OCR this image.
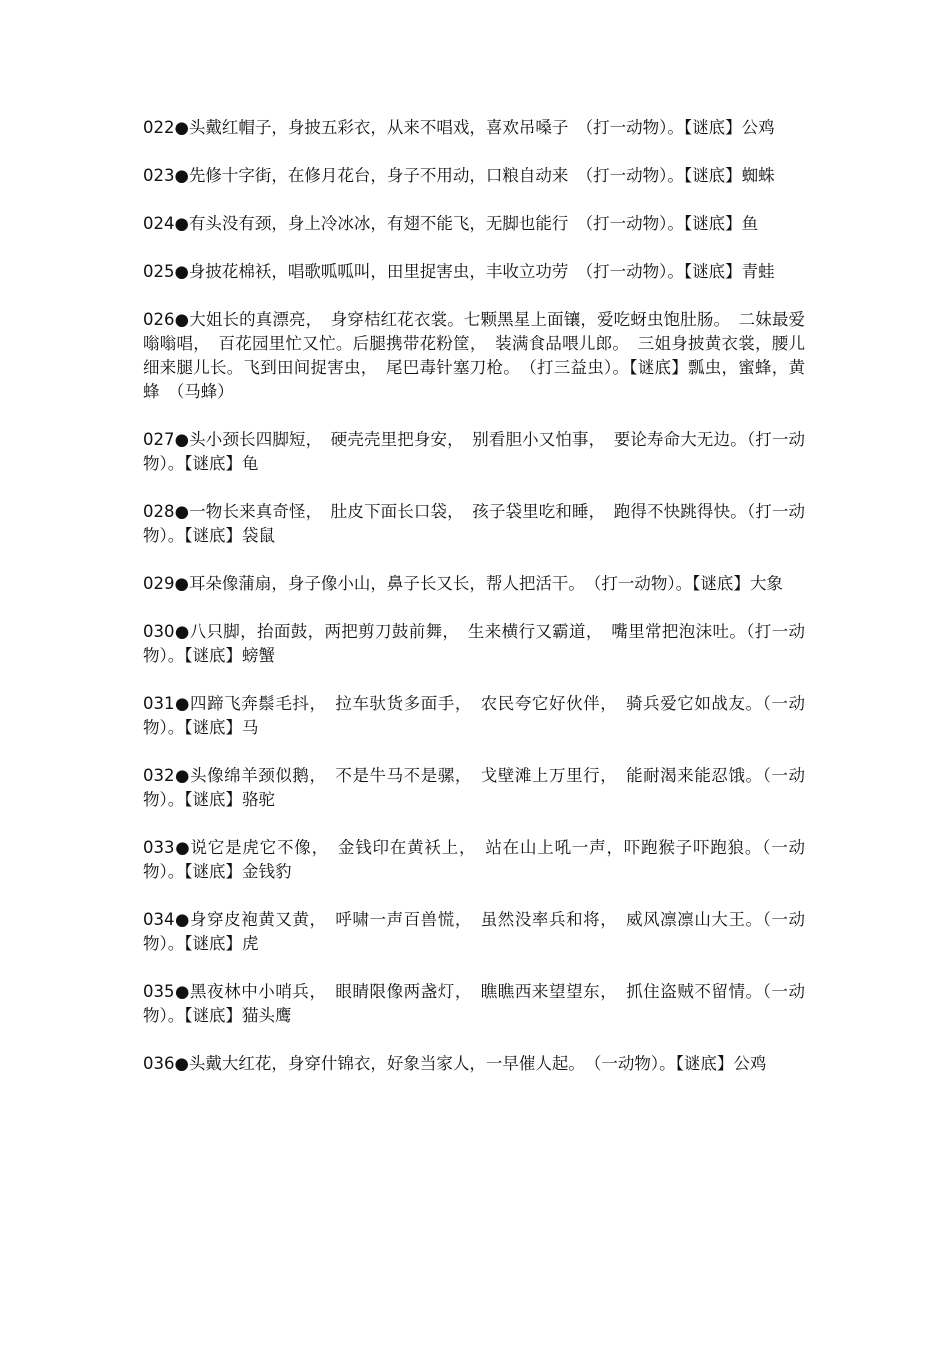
022●头戴红帽子，身披五彩衣，从来不唱戏，喜欢吊嗓子　（打一动物）。【谜底】公鸡

023●先修十字街，在修月花台，身子不用动，口粮自动来　（打一动物）。【谜底】蜘蛛

024●有头没有颈，身上冷冰冰，有翅不能飞，无脚也能行　（打一动物）。【谜底】鱼

025●身披花棉袄，唱歌呱呱叫，田里捉害虫，丰收立功劳　（打一动物）。【谜底】青蛙

026●大姐长的真漂亮，　身穿桔红花衣裳。七颗黑星上面镶，爱吃蚜虫饱肚肠。　二妹最爱嗡嗡唱，　百花园里忙又忙。后腿携带花粉筐，　装满食品喂儿郎。　三姐身披黄衣裳，腰儿细来腿儿长。飞到田间捉害虫，　尾巴毒针塞刀枪。　（打三益虫）。【谜底】瓢虫，蜜蜂，黄蜂　（马蜂）

027●头小颈长四脚短，　硬壳壳里把身安，　别看胆小又怕事，　要论寿命大无边。（打一动物）。【谜底】龟

028●一物长来真奇怪，　肚皮下面长口袋，　孩子袋里吃和睡，　跑得不快跳得快。（打一动物）。【谜底】袋鼠

029●耳朵像蒲扇，身子像小山，鼻子长又长，帮人把活干。　（打一动物）。【谜底】大象

030●八只脚，抬面鼓，两把剪刀鼓前舞，　生来横行又霸道，　嘴里常把泡沫吐。（打一动物）。【谜底】螃蟹

031●四蹄飞奔鬃毛抖，　拉车驮货多面手，　农民夸它好伙伴，　骑兵爱它如战友。（一动物）。【谜底】马

032●头像绵羊颈似鹅，　不是牛马不是骡，　戈壁滩上万里行，　能耐渴来能忍饿。（一动物）。【谜底】骆驼

033●说它是虎它不像，　金钱印在黄袄上，　站在山上吼一声，吓跑猴子吓跑狼。（一动物）。【谜底】金钱豹

034●身穿皮袍黄又黄，　呼啸一声百兽慌，　虽然没率兵和将，　威风凛凛山大王。（一动物）。【谜底】虎

035●黑夜林中小哨兵，　眼睛限像两盏灯，　瞧瞧西来望望东，　抓住盗贼不留情。（一动物）。【谜底】猫头鹰

036●头戴大红花，身穿什锦衣，好象当家人，一早催人起。　（一动物）。【谜底】公鸡
